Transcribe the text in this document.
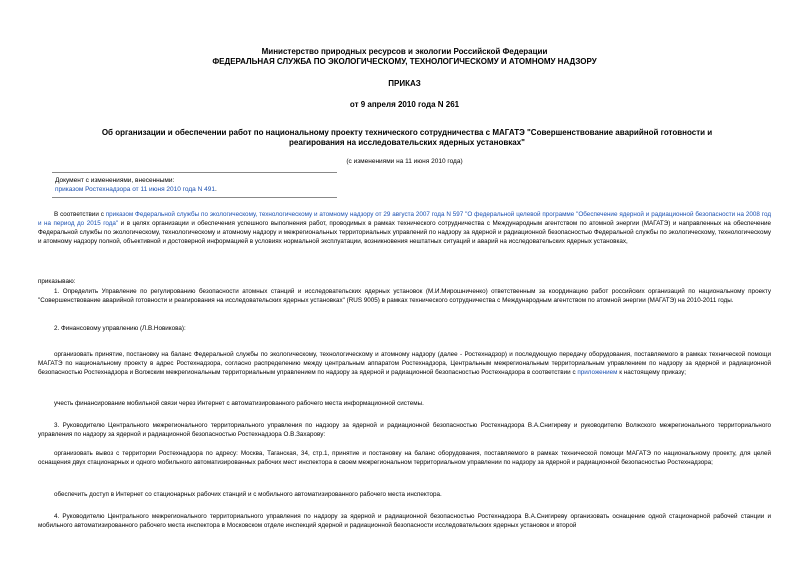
Министерство природных ресурсов и экологии Российской Федерации
ФЕДЕРАЛЬНАЯ СЛУЖБА ПО ЭКОЛОГИЧЕСКОМУ, ТЕХНОЛОГИЧЕСКОМУ И АТОМНОМУ НАДЗОРУ
ПРИКАЗ
от 9 апреля 2010 года N 261
Об организации и обеспечении работ по национальному проекту технического сотрудничества с МАГАТЭ "Совершенствование аварийной готовности и реагирования на исследовательских ядерных установках"
(с изменениями на 11 июня 2010 года)
Документ с изменениями, внесенными:
приказом Ростехнадзора от 11 июня 2010 года N 491.
В соответствии с приказом Федеральной службы по экологическому, технологическому и атомному надзору от 29 августа 2007 года N 597 "О федеральной целевой программе "Обеспечение ядерной и радиационной безопасности на 2008 год и на период до 2015 года" и в целях организации и обеспечения успешного выполнения работ, проводимых в рамках технического сотрудничества с Международным агентством по атомной энергии (МАГАТЭ) и направленных на обеспечение Федеральной службы по экологическому, технологическому и атомному надзору и межрегиональных территориальных управлений по надзору за ядерной и радиационной безопасностью Федеральной службы по экологическому, технологическому и атомному надзору полной, объективной и достоверной информацией в условиях нормальной эксплуатации, возникновения нештатных ситуаций и аварий на исследовательских ядерных установках,
приказываю:
1. Определить Управление по регулированию безопасности атомных станций и исследовательских ядерных установок (М.И.Мирошниченко) ответственным за координацию работ российских организаций по национальному проекту "Совершенствование аварийной готовности и реагирования на исследовательских ядерных установках" (RUS 9005) в рамках технического сотрудничества с Международным агентством по атомной энергии (МАГАТЭ) на 2010-2011 годы.
2. Финансовому управлению (Л.В.Новикова):
организовать принятие, постановку на баланс Федеральной службы по экологическому, технологическому и атомному надзору (далее - Ростехнадзор) и последующую передачу оборудования, поставляемого в рамках технической помощи МАГАТЭ по национальному проекту в адрес Ростехнадзора, согласно распределению между центральным аппаратом Ростехнадзора, Центральным межрегиональным территориальным управлением по надзору за ядерной и радиационной безопасностью Ростехнадзора и Волжским межрегиональным территориальным управлением по надзору за ядерной и радиационной безопасностью Ростехнадзора в соответствии с приложением к настоящему приказу;
учесть финансирование мобильной связи через Интернет с автоматизированного рабочего места информационной системы.
3. Руководителю Центрального межрегионального территориального управления по надзору за ядерной и радиационной безопасностью Ростехнадзора В.А.Снигиреву и руководителю Волжского межрегионального территориального управления по надзору за ядерной и радиационной безопасностью Ростехнадзора О.В.Захарову:
организовать вывоз с территории Ростехнадзора по адресу: Москва, Таганская, 34, стр.1, принятие и постановку на баланс оборудования, поставляемого в рамках технической помощи МАГАТЭ по национальному проекту, для целей оснащения двух стационарных и одного мобильного автоматизированных рабочих мест инспектора в своем межрегиональном территориальном управлении по надзору за ядерной и радиационной безопасностью Ростехнадзора;
обеспечить доступ в Интернет со стационарных рабочих станций и с мобильного автоматизированного рабочего места инспектора.
4. Руководителю Центрального межрегионального территориального управления по надзору за ядерной и радиационной безопасностью Ростехнадзора В.А.Снигиреву организовать оснащение одной стационарной рабочей станции и мобильного автоматизированного рабочего места инспектора в Московском отделе инспекций ядерной и радиационной безопасности исследовательских ядерных установок и второй
